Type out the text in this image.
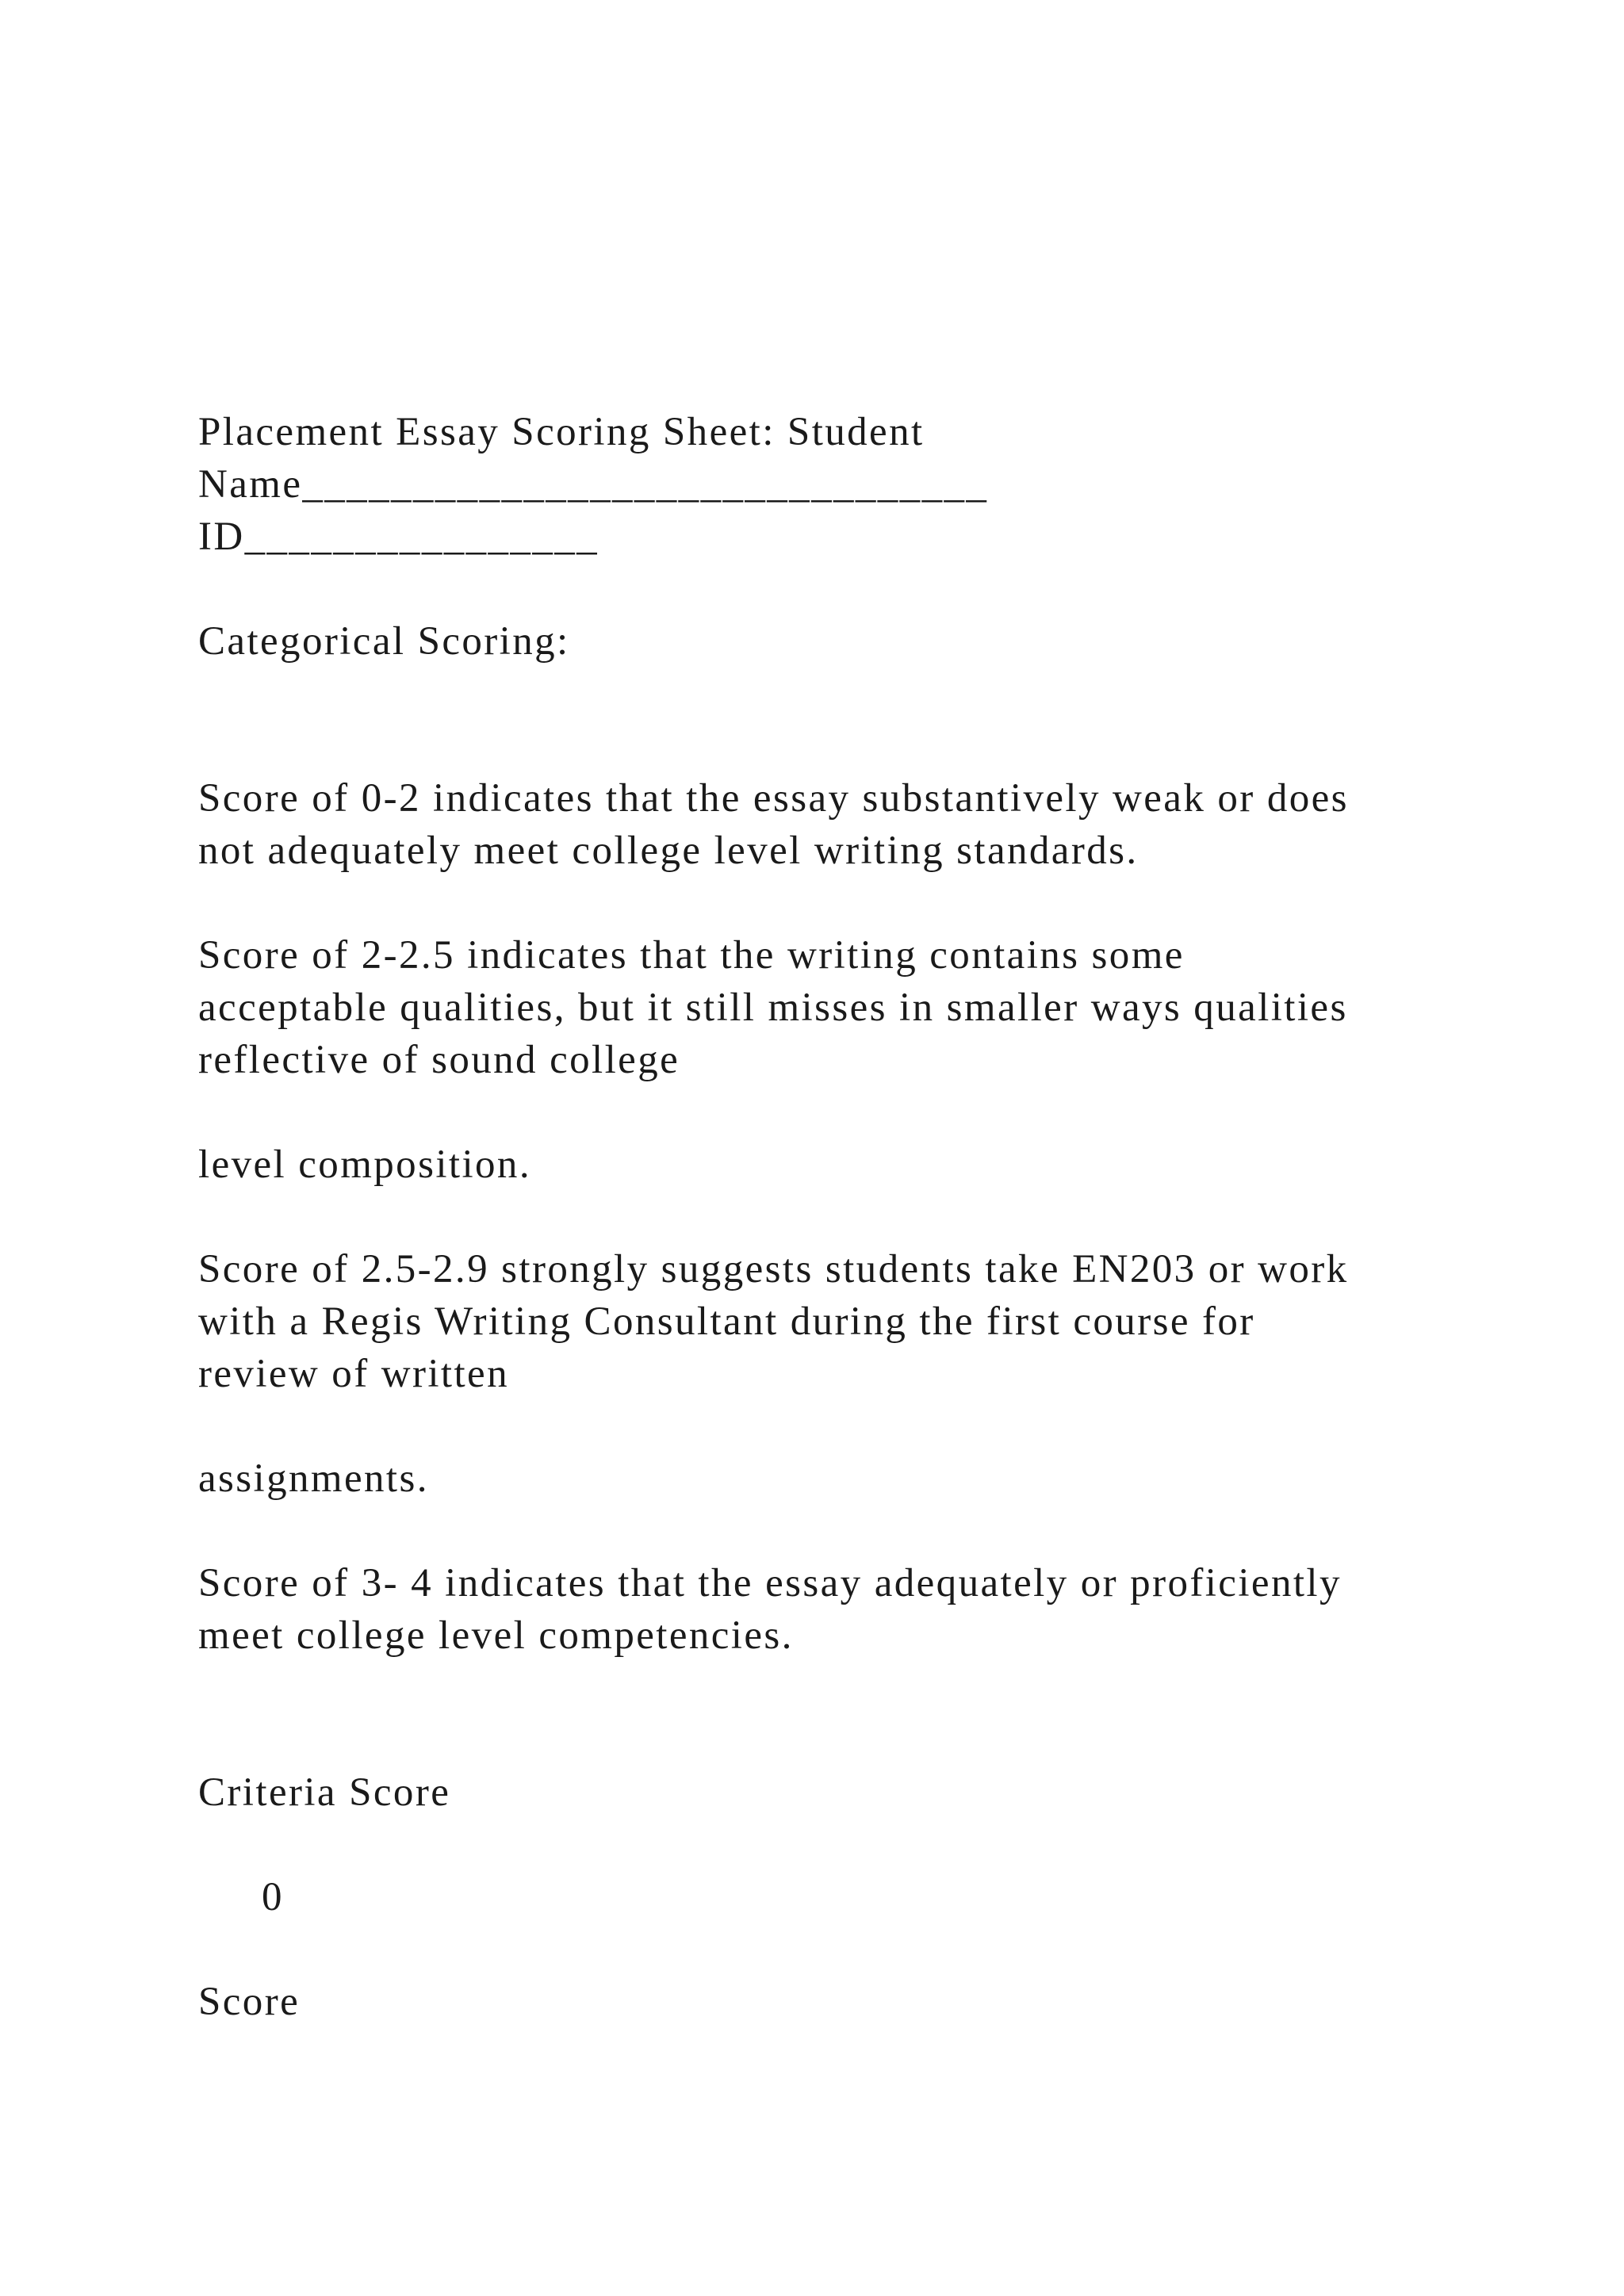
Placement Essay Scoring Sheet: Student

Name_______________________________

ID________________

Categorical Scoring:

Score of 0-2 indicates that the essay substantively weak or does

not adequately meet college level writing standards.

Score of 2-2.5 indicates that the writing contains some

acceptable qualities, but it still misses in smaller ways qualities

reflective of sound college

level composition.

Score of 2.5-2.9 strongly suggests students take EN203 or work

with a Regis Writing Consultant during the first course for

review of written

assignments.

Score of 3- 4 indicates that the essay adequately or proficiently

meet college level competencies.

Criteria Score

0

Score
